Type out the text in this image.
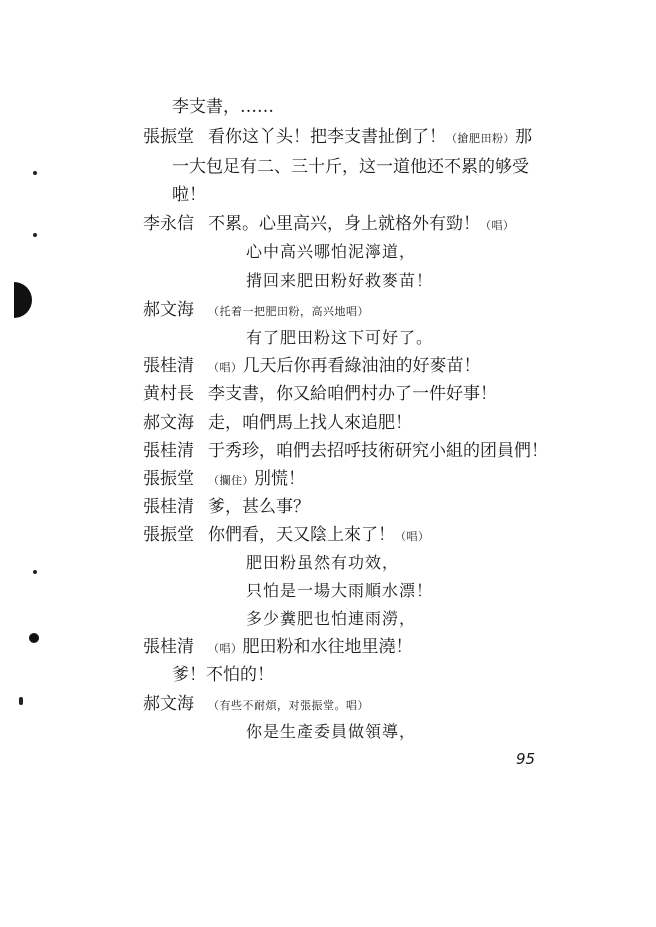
李支書，……
張振堂 看你这丫头！把李支書扯倒了！（搶肥田粉）那
一大包足有二、三十斤，这一道他还不累的够受
啦！
李永信 不累。心里高兴，身上就格外有勁！（唱）
心中高兴哪怕泥濘道，
揹回来肥田粉好救麥苗！
郝文海 （托着一把肥田粉，高兴地唱）
有了肥田粉这下可好了。
張桂清 （唱）几天后你再看綠油油的好麥苗！
黄村長 李支書，你又給咱們村办了一件好事！
郝文海 走，咱們馬上找人來追肥！
張桂清 于秀珍，咱們去招呼技術研究小組的团員們！
張振堂 （攔住）別慌！
張桂清 爹，甚么事？
張振堂 你們看，天又陰上來了！（唱）
肥田粉虽然有功效，
只怕是一場大雨順水漂！
多少糞肥也怕連雨澇，
張桂清 （唱）肥田粉和水往地里澆！
爹！不怕的！
郝文海 （有些不耐煩，对張振堂。唱）
你是生產委員做領導，
95
